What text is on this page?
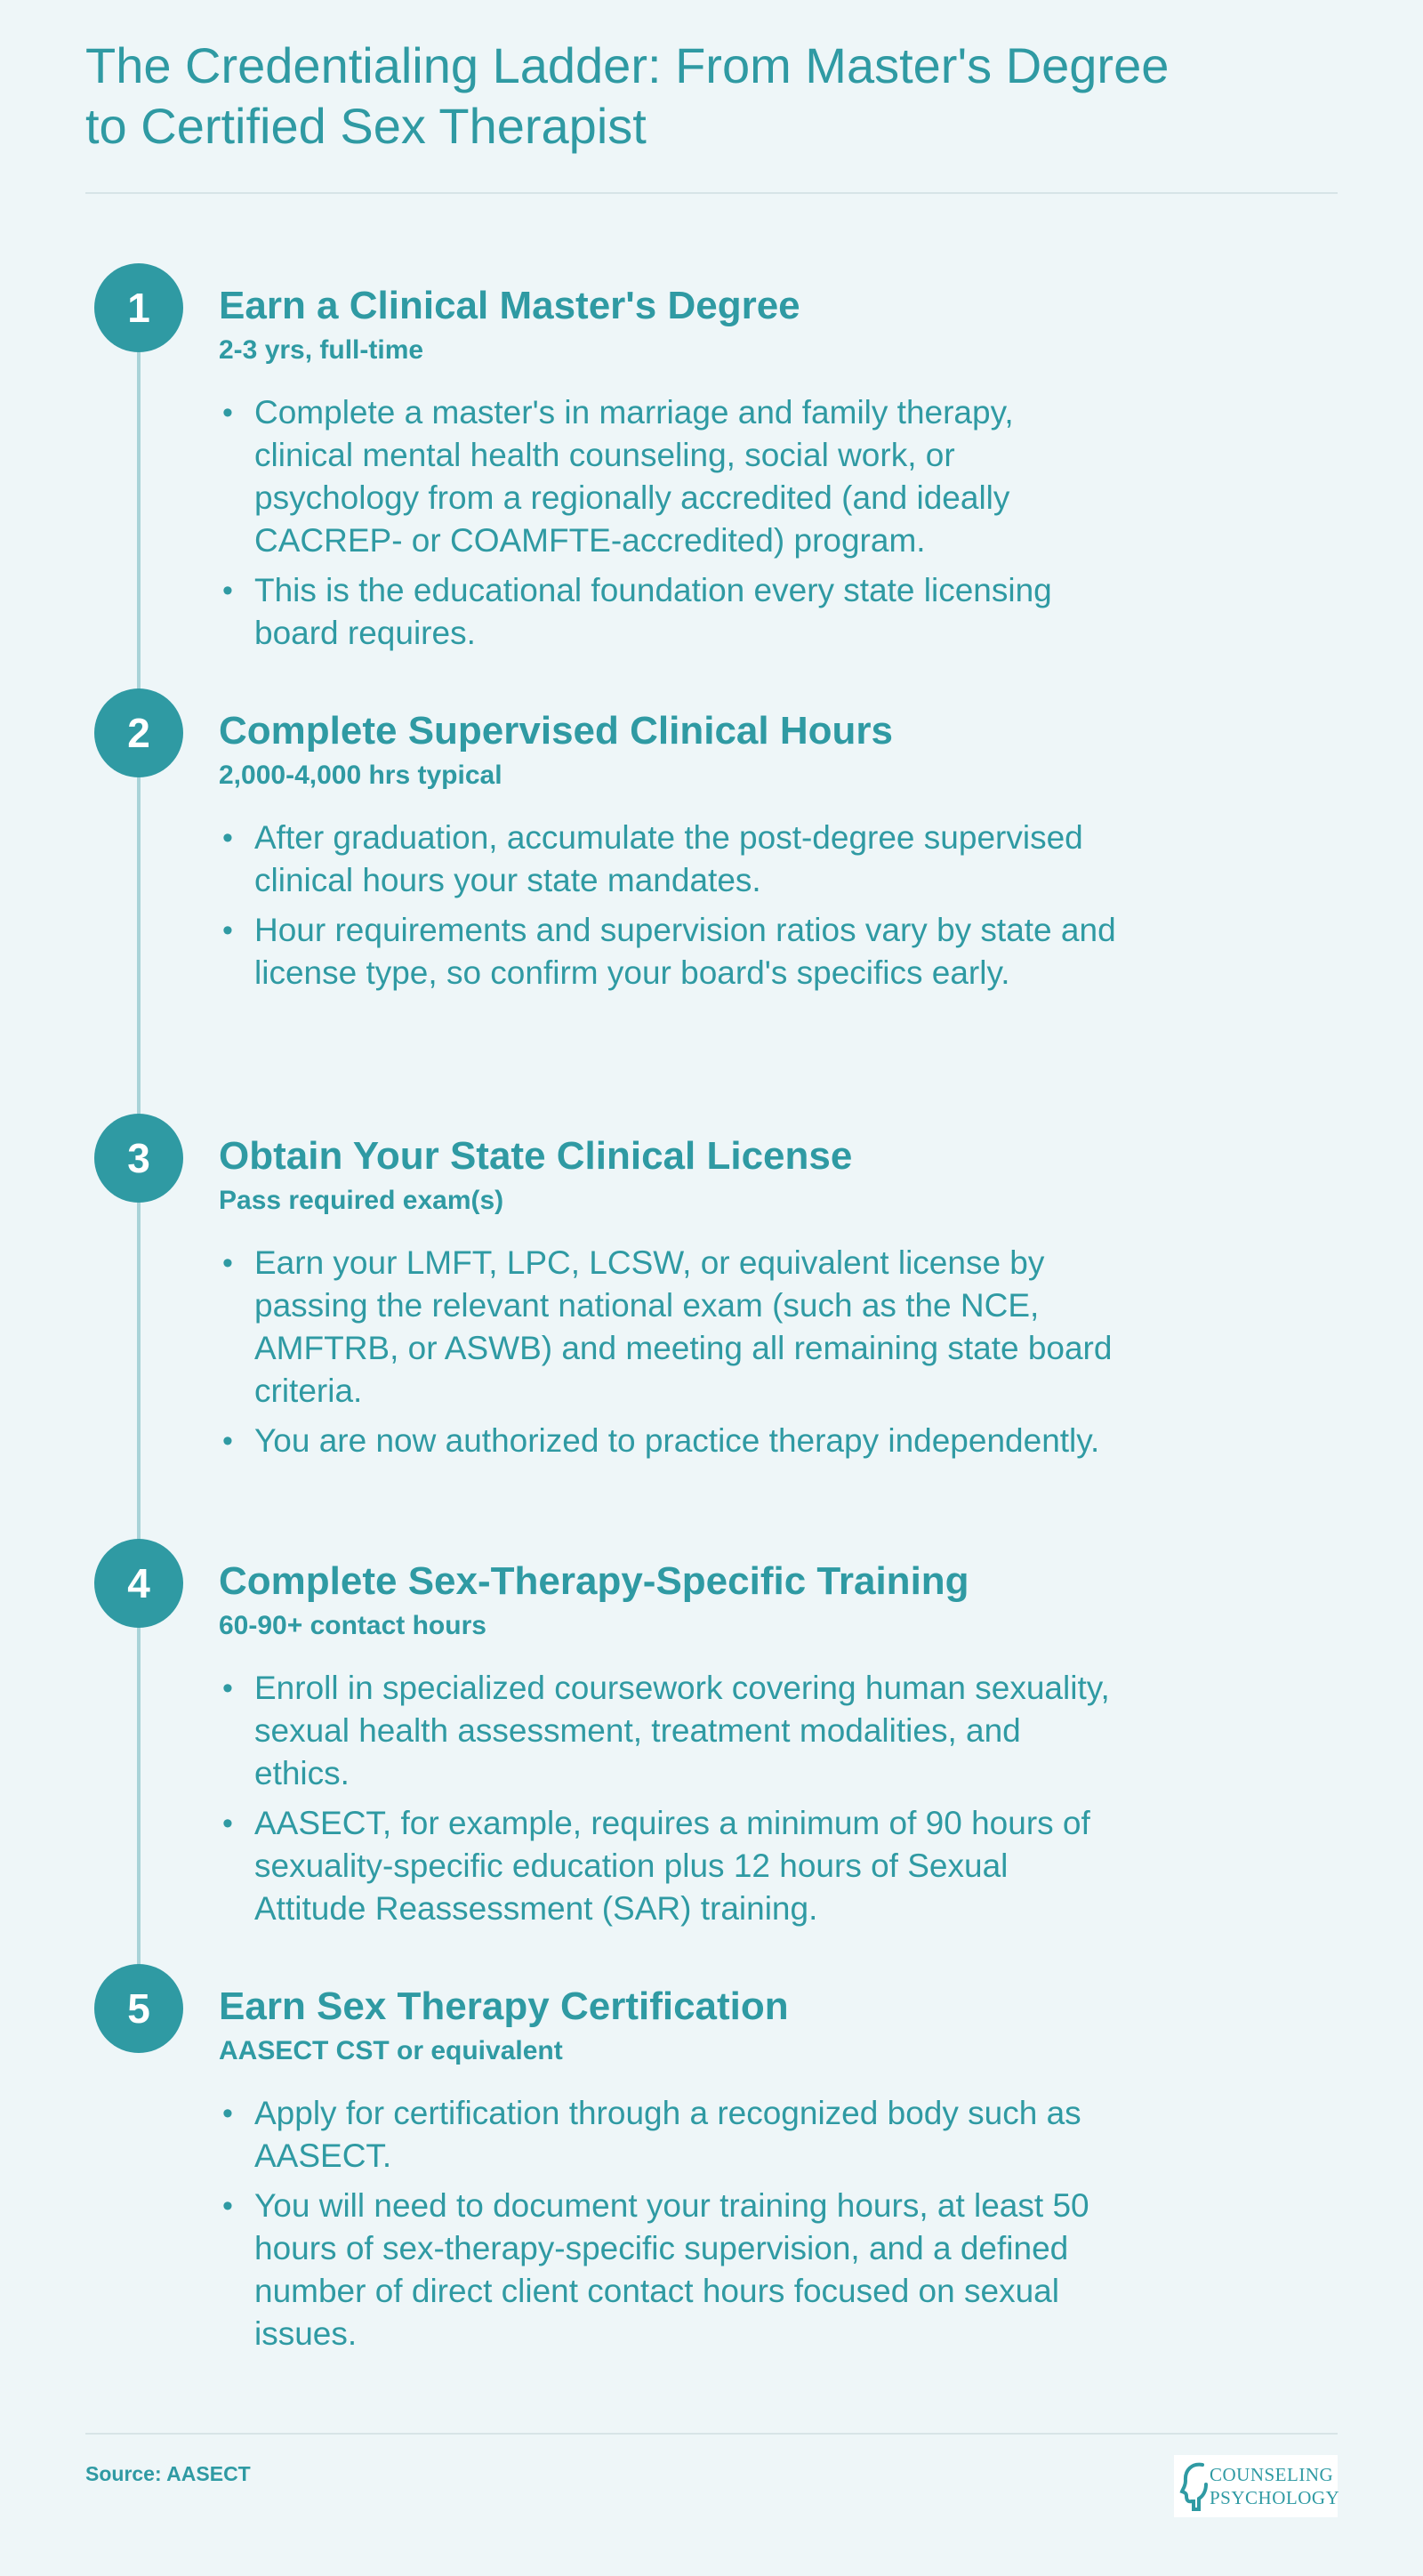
The Credentialing Ladder: From Master's Degree
to Certified Sex Therapist
1	Earn a Clinical Master's Degree

2-3 yrs, full-time

• Complete a master's in marriage and family therapy, clinical mental health counseling, social work, or psychology from a regionally accredited (and ideally CACREP- or COAMFTE-accredited) program.
• This is the educational foundation every state licensing board requires.
2	Complete Supervised Clinical Hours

2,000-4,000 hrs typical

• After graduation, accumulate the post-degree supervised clinical hours your state mandates.
• Hour requirements and supervision ratios vary by state and license type, so confirm your board's specifics early.
3	Obtain Your State Clinical License

Pass required exam(s)

• Earn your LMFT, LPC, LCSW, or equivalent license by passing the relevant national exam (such as the NCE, AMFTRB, or ASWB) and meeting all remaining state board criteria.
• You are now authorized to practice therapy independently.
4	Complete Sex-Therapy-Specific Training

60-90+ contact hours

• Enroll in specialized coursework covering human sexuality, sexual health assessment, treatment modalities, and ethics.
• AASECT, for example, requires a minimum of 90 hours of sexuality-specific education plus 12 hours of Sexual Attitude Reassessment (SAR) training.
5	Earn Sex Therapy Certification

AASECT CST or equivalent

• Apply for certification through a recognized body such as AASECT.
• You will need to document your training hours, at least 50 hours of sex-therapy-specific supervision, and a defined number of direct client contact hours focused on sexual issues.
Source: AASECT	COUNSELING
PSYCHOLOGY
